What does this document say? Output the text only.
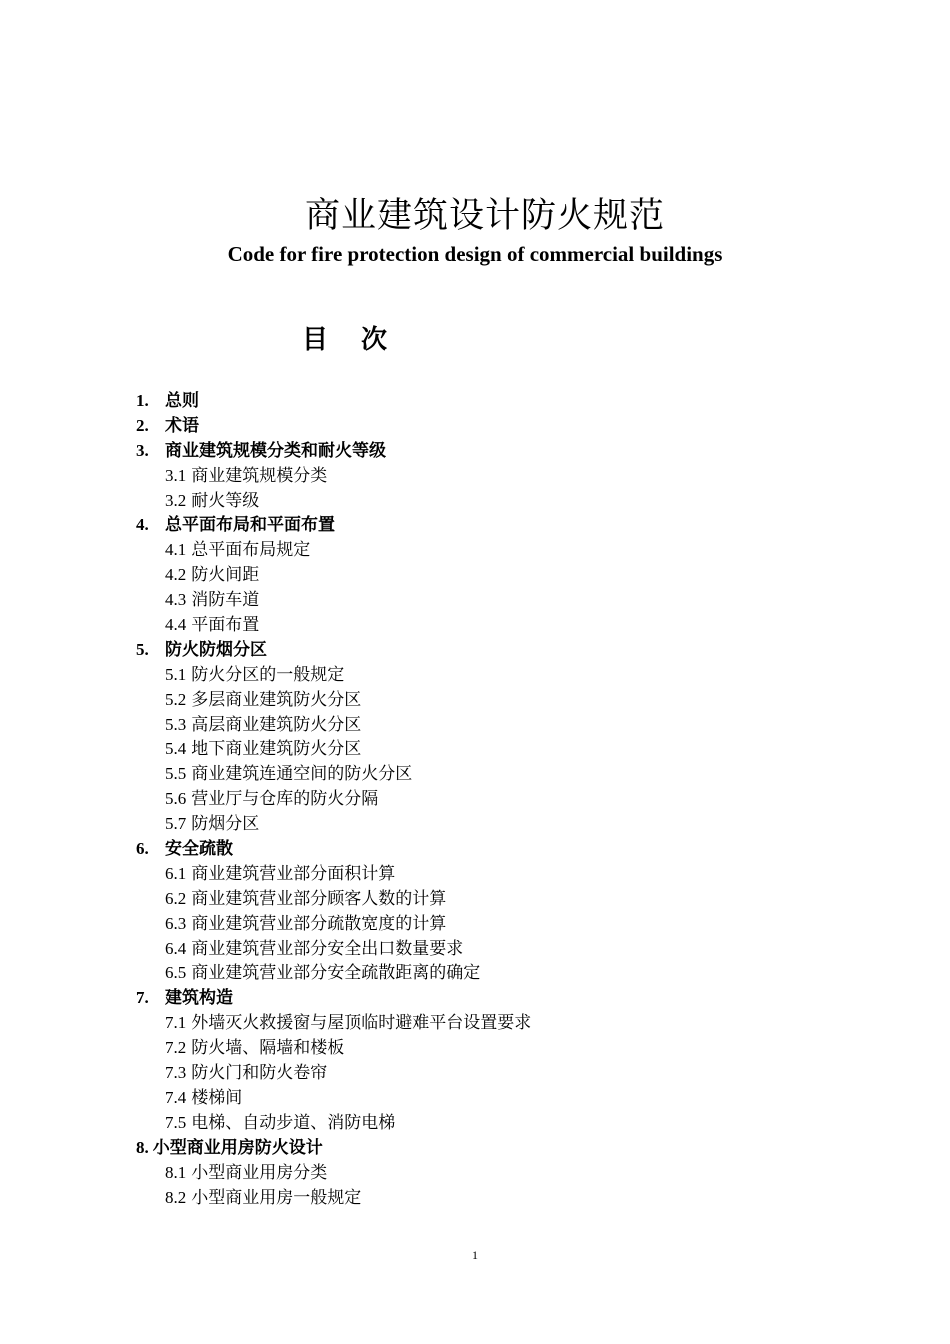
商业建筑设计防火规范
Code for fire protection design of commercial buildings
目 次
1. 总则
2. 术语
3. 商业建筑规模分类和耐火等级
3.1 商业建筑规模分类
3.2 耐火等级
4. 总平面布局和平面布置
4.1 总平面布局规定
4.2 防火间距
4.3 消防车道
4.4 平面布置
5. 防火防烟分区
5.1 防火分区的一般规定
5.2 多层商业建筑防火分区
5.3 高层商业建筑防火分区
5.4 地下商业建筑防火分区
5.5 商业建筑连通空间的防火分区
5.6 营业厅与仓库的防火分隔
5.7 防烟分区
6. 安全疏散
6.1 商业建筑营业部分面积计算
6.2 商业建筑营业部分顾客人数的计算
6.3 商业建筑营业部分疏散宽度的计算
6.4 商业建筑营业部分安全出口数量要求
6.5 商业建筑营业部分安全疏散距离的确定
7. 建筑构造
7.1 外墙灭火救援窗与屋顶临时避难平台设置要求
7.2 防火墙、隔墙和楼板
7.3 防火门和防火卷帘
7.4 楼梯间
7.5 电梯、自动步道、消防电梯
8. 小型商业用房防火设计
8.1 小型商业用房分类
8.2 小型商业用房一般规定
1
